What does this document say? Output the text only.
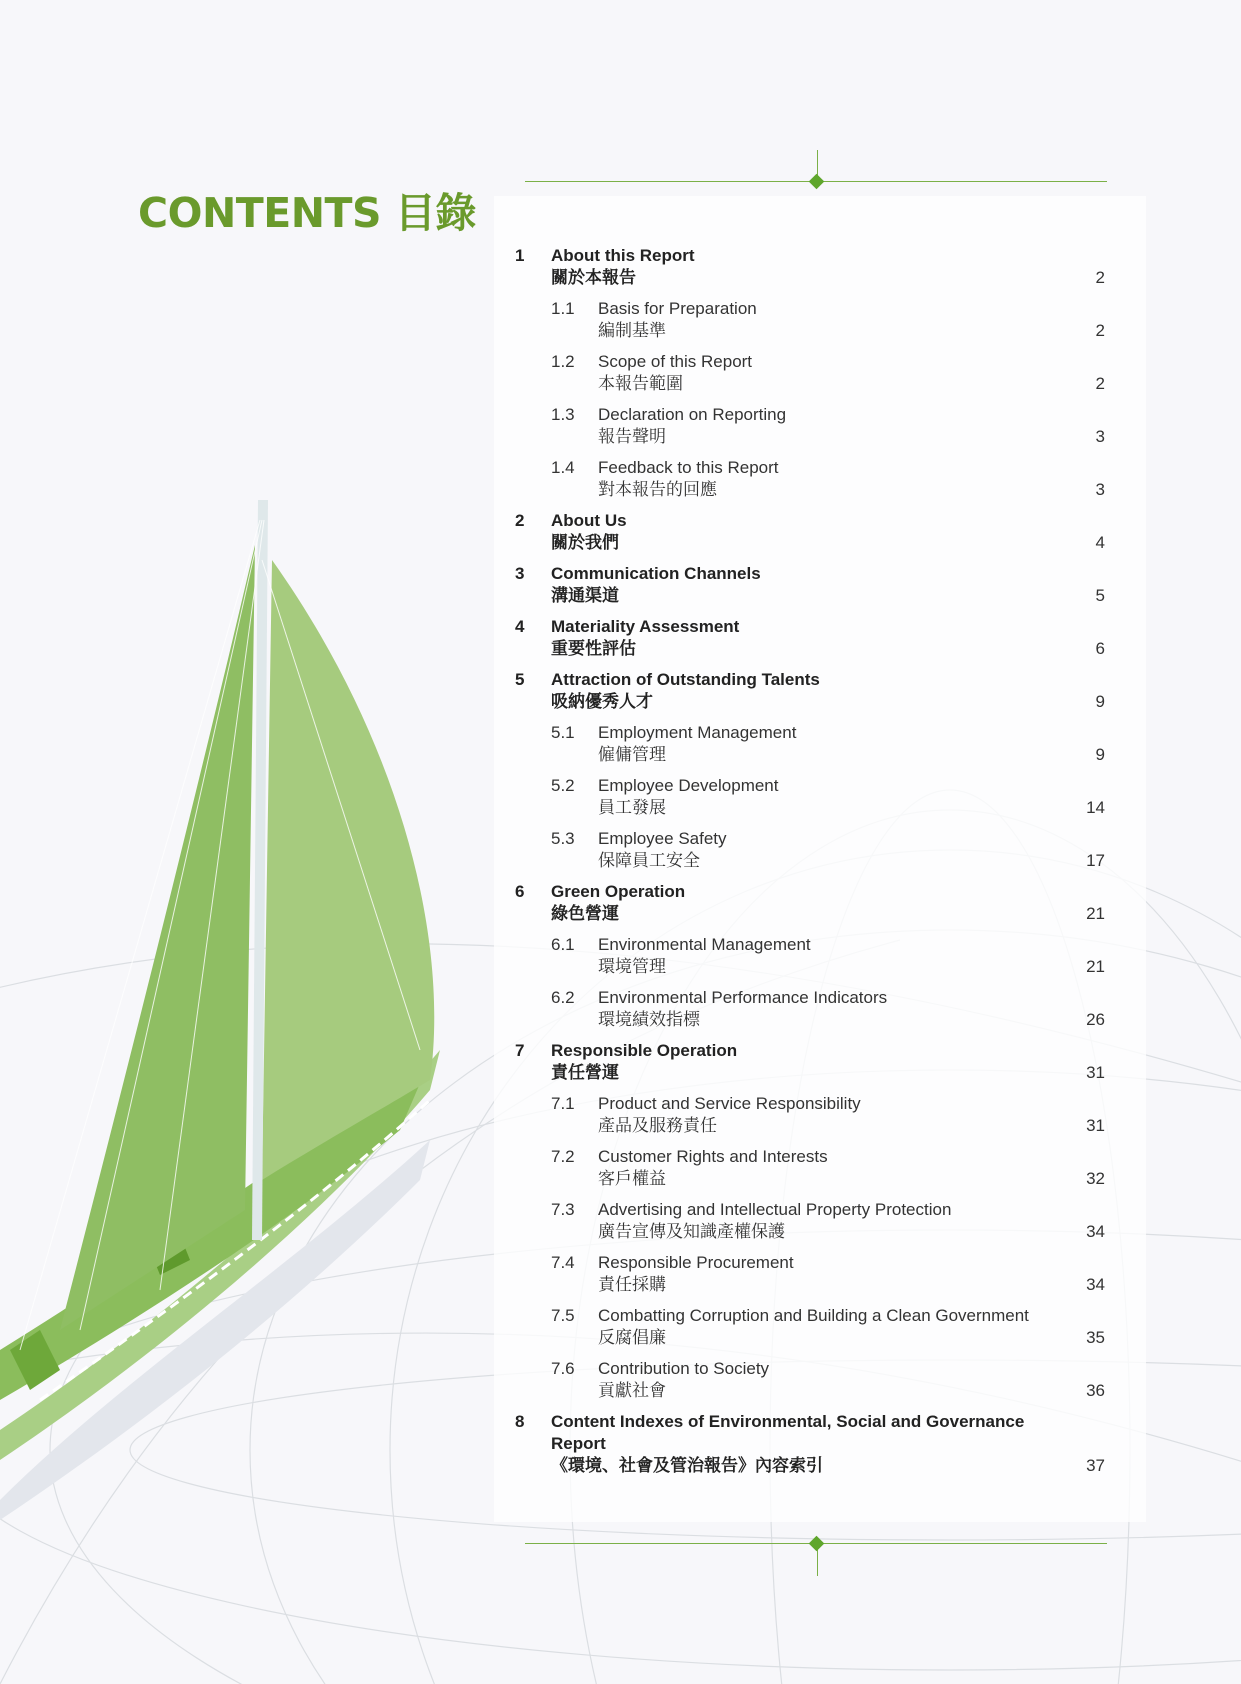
CONTENTS 目錄
1 About this Report
關於本報告	2
1.1 Basis for Preparation
編制基準	2
1.2 Scope of this Report
本報告範圍	2
1.3 Declaration on Reporting
報告聲明	3
1.4 Feedback to this Report
對本報告的回應	3
2 About Us
關於我們	4
3 Communication Channels
溝通渠道	5
4 Materiality Assessment
重要性評估	6
5 Attraction of Outstanding Talents
吸納優秀人才	9
5.1 Employment Management
僱傭管理	9
5.2 Employee Development
員工發展	14
5.3 Employee Safety
保障員工安全	17
6 Green Operation
綠色營運	21
6.1 Environmental Management
環境管理	21
6.2 Environmental Performance Indicators
環境績效指標	26
7 Responsible Operation
責任營運	31
7.1 Product and Service Responsibility
產品及服務責任	31
7.2 Customer Rights and Interests
客戶權益	32
7.3 Advertising and Intellectual Property Protection
廣告宣傳及知識產權保護	34
7.4 Responsible Procurement
責任採購	34
7.5 Combatting Corruption and Building a Clean Government
反腐倡廉	35
7.6 Contribution to Society
貢獻社會	36
8 Content Indexes of Environmental, Social and Governance Report
《環境、社會及管治報告》內容索引	37
